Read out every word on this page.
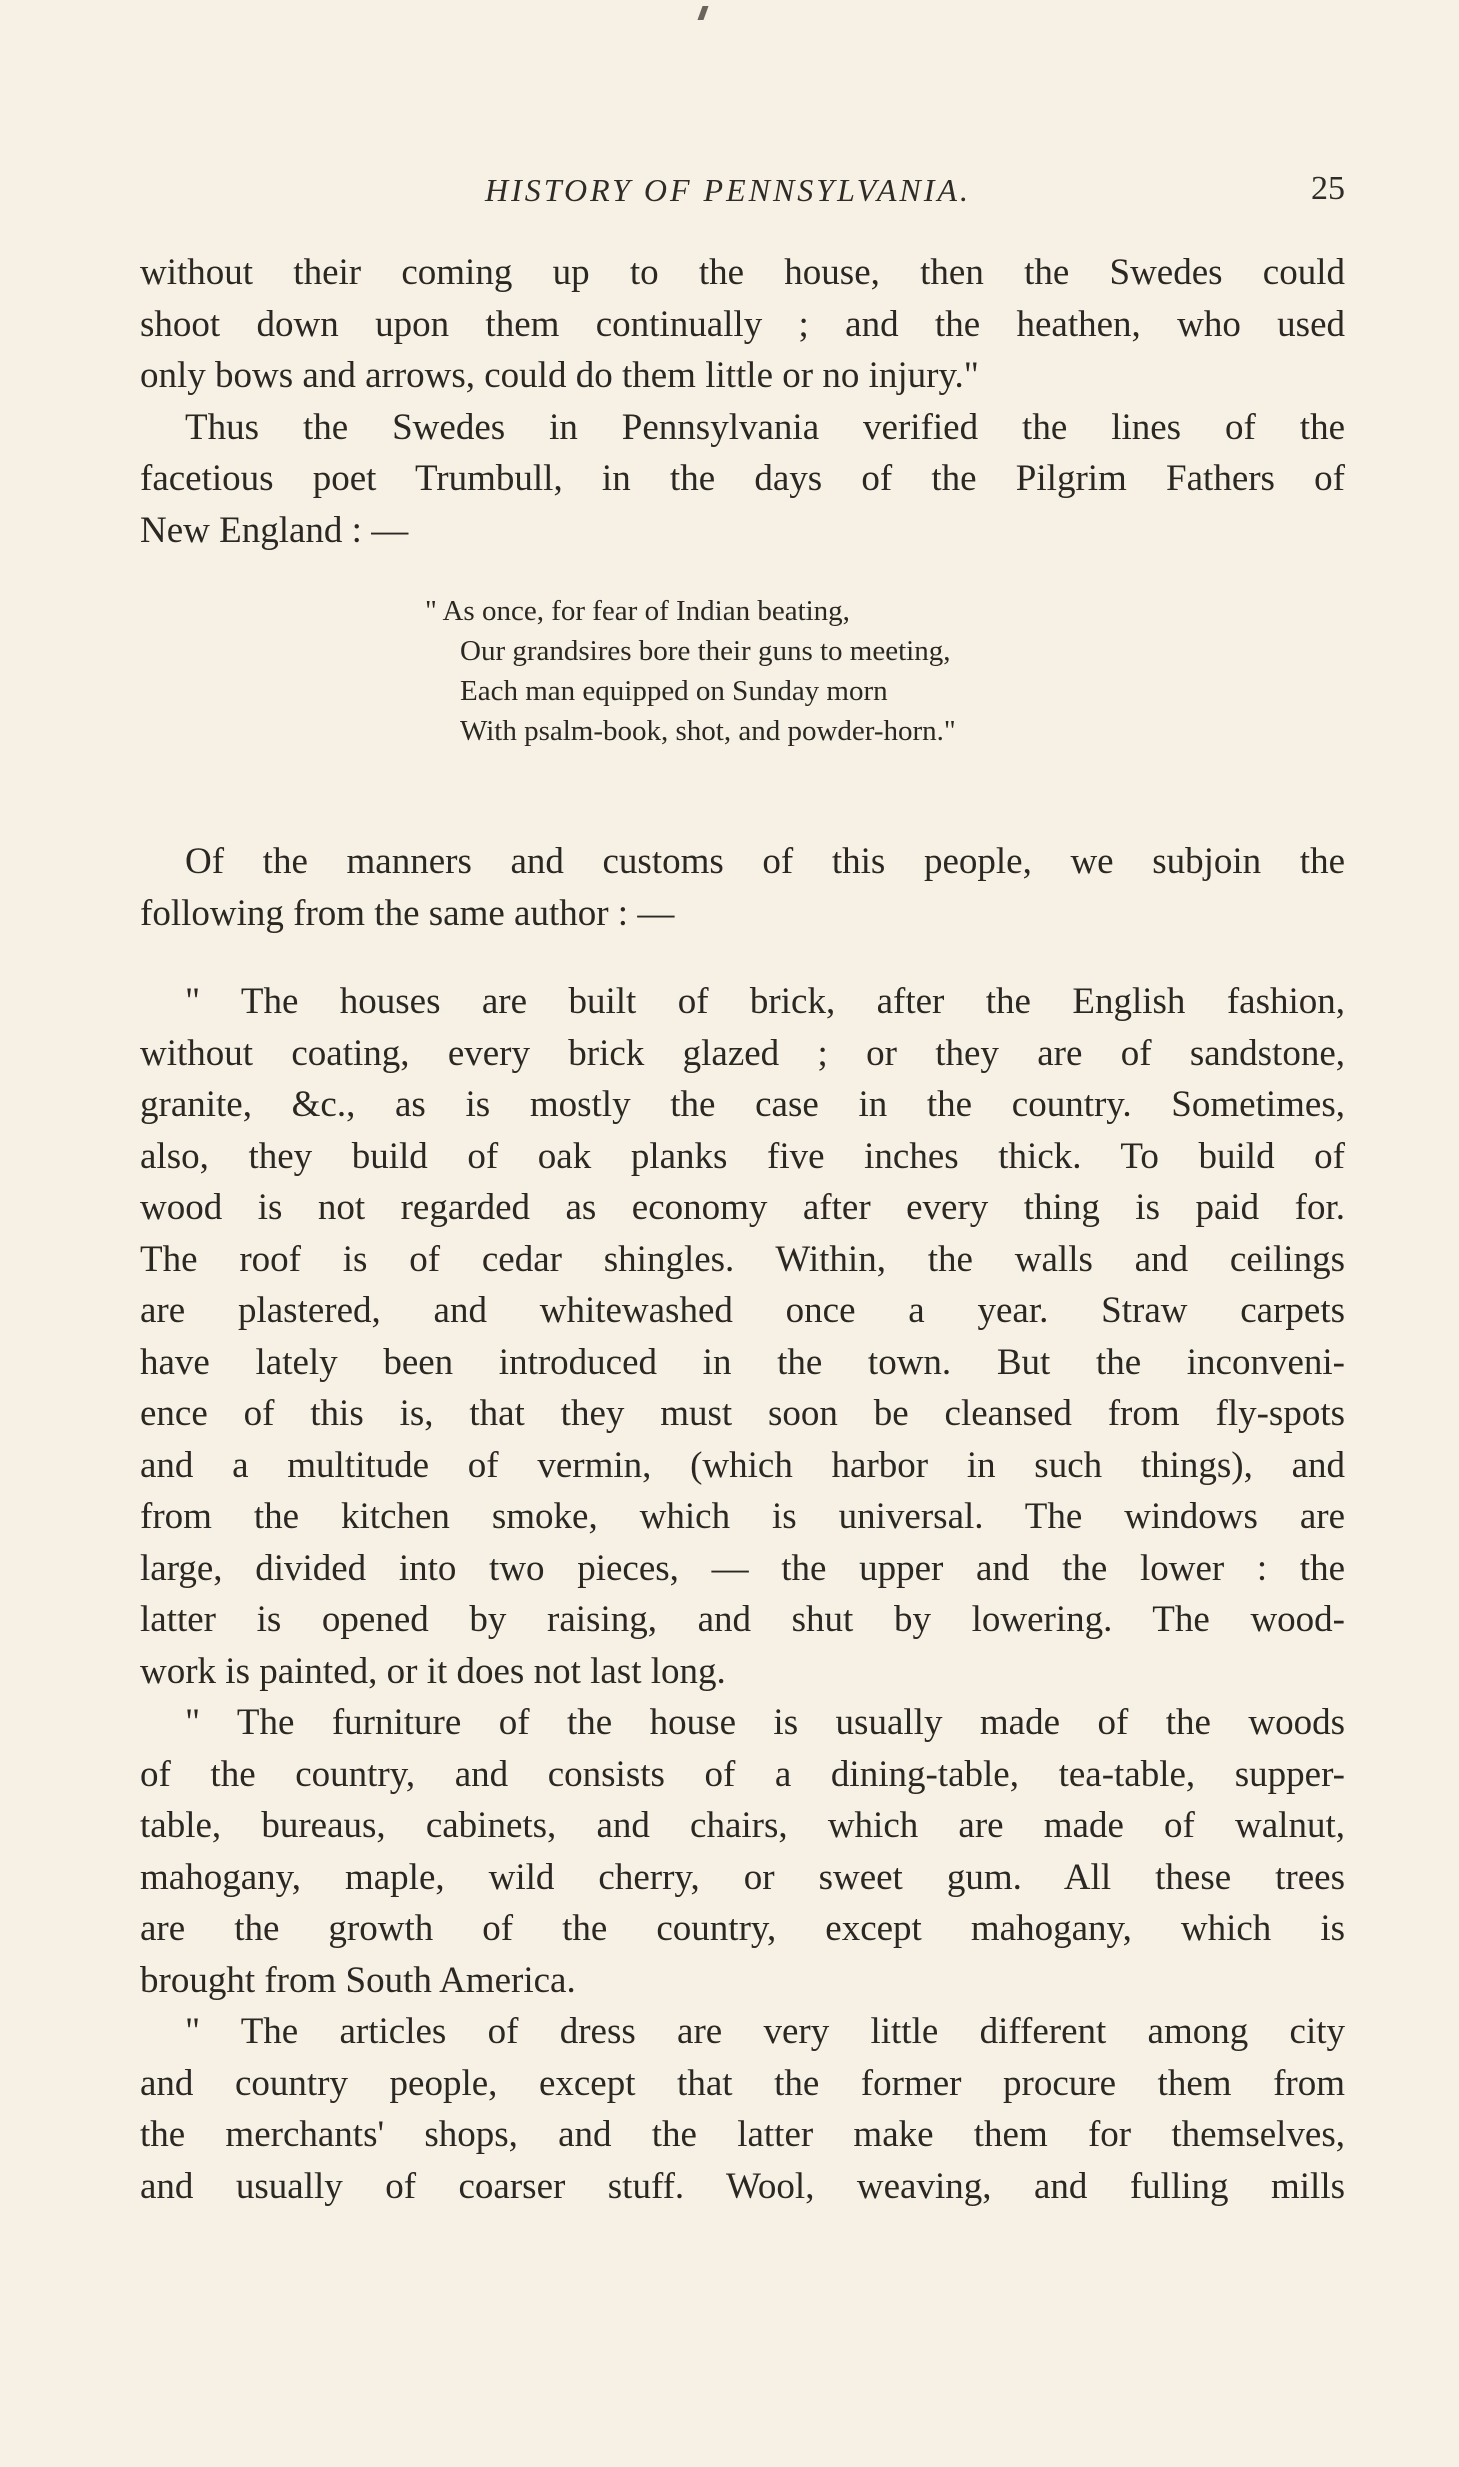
HISTORY OF PENNSYLVANIA.	25
without their coming up to the house, then the Swedes could
shoot down upon them continually ; and the heathen, who used
only bows and arrows, could do them little or no injury."
Thus the Swedes in Pennsylvania verified the lines of the
facetious poet Trumbull, in the days of the Pilgrim Fathers of
New England : —
" As once, for fear of Indian beating,
Our grandsires bore their guns to meeting,
Each man equipped on Sunday morn
With psalm-book, shot, and powder-horn."
Of the manners and customs of this people, we subjoin the
following from the same author : —
" The houses are built of brick, after the English fashion,
without coating, every brick glazed ; or they are of sandstone,
granite, &c., as is mostly the case in the country. Sometimes,
also, they build of oak planks five inches thick. To build of
wood is not regarded as economy after every thing is paid for.
The roof is of cedar shingles. Within, the walls and ceilings
are plastered, and whitewashed once a year. Straw carpets
have lately been introduced in the town. But the inconveni-
ence of this is, that they must soon be cleansed from fly-spots
and a multitude of vermin, (which harbor in such things), and
from the kitchen smoke, which is universal. The windows are
large, divided into two pieces, — the upper and the lower : the
latter is opened by raising, and shut by lowering. The wood-
work is painted, or it does not last long.
" The furniture of the house is usually made of the woods
of the country, and consists of a dining-table, tea-table, supper-
table, bureaus, cabinets, and chairs, which are made of walnut,
mahogany, maple, wild cherry, or sweet gum. All these trees
are the growth of the country, except mahogany, which is
brought from South America.
" The articles of dress are very little different among city
and country people, except that the former procure them from
the merchants' shops, and the latter make them for themselves,
and usually of coarser stuff. Wool, weaving, and fulling mills
